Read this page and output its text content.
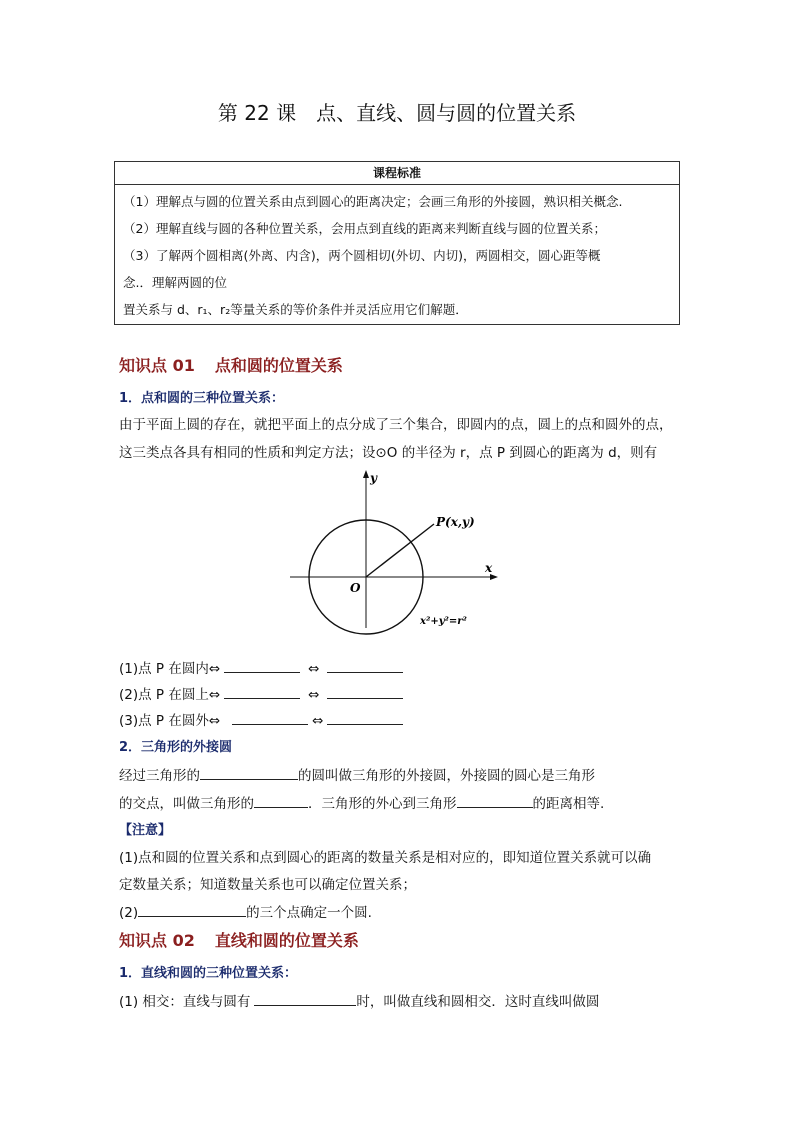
第 22 课　点、直线、圆与圆的位置关系
课程标准
（1）理解点与圆的位置关系由点到圆心的距离决定；会画三角形的外接圆，熟识相关概念.
（2）理解直线与圆的各种位置关系，会用点到直线的距离来判断直线与圆的位置关系；
（3）了解两个圆相离(外离、内含)，两个圆相切(外切、内切)，两圆相交，圆心距等概
念.．理解两圆的位
置关系与 d、r₁、r₂等量关系的等价条件并灵活应用它们解题．
知识点 01 点和圆的位置关系
1．点和圆的三种位置关系：
由于平面上圆的存在，就把平面上的点分成了三个集合，即圆内的点，圆上的点和圆外的点，
这三类点各具有相同的性质和判定方法；设⊙O 的半径为 r，点 P 到圆心的距离为 d，则有
y
x
O
P(x,y)
x²+y²=r²
(1)点 P 在圆内⇔	⇔
(2)点 P 在圆上⇔	⇔
(3)点 P 在圆外⇔	⇔
2．三角形的外接圆
经过三角形的	的圆叫做三角形的外接圆，外接圆的圆心是三角形
的交点，叫做三角形的	．三角形的外心到三角形	的距离相等.
【注意】
(1)点和圆的位置关系和点到圆心的距离的数量关系是相对应的，即知道位置关系就可以确
定数量关系；知道数量关系也可以确定位置关系；
(2)	的三个点确定一个圆.
知识点 02 直线和圆的位置关系
1．直线和圆的三种位置关系：
(1) 相交：直线与圆有	时，叫做直线和圆相交．这时直线叫做圆
